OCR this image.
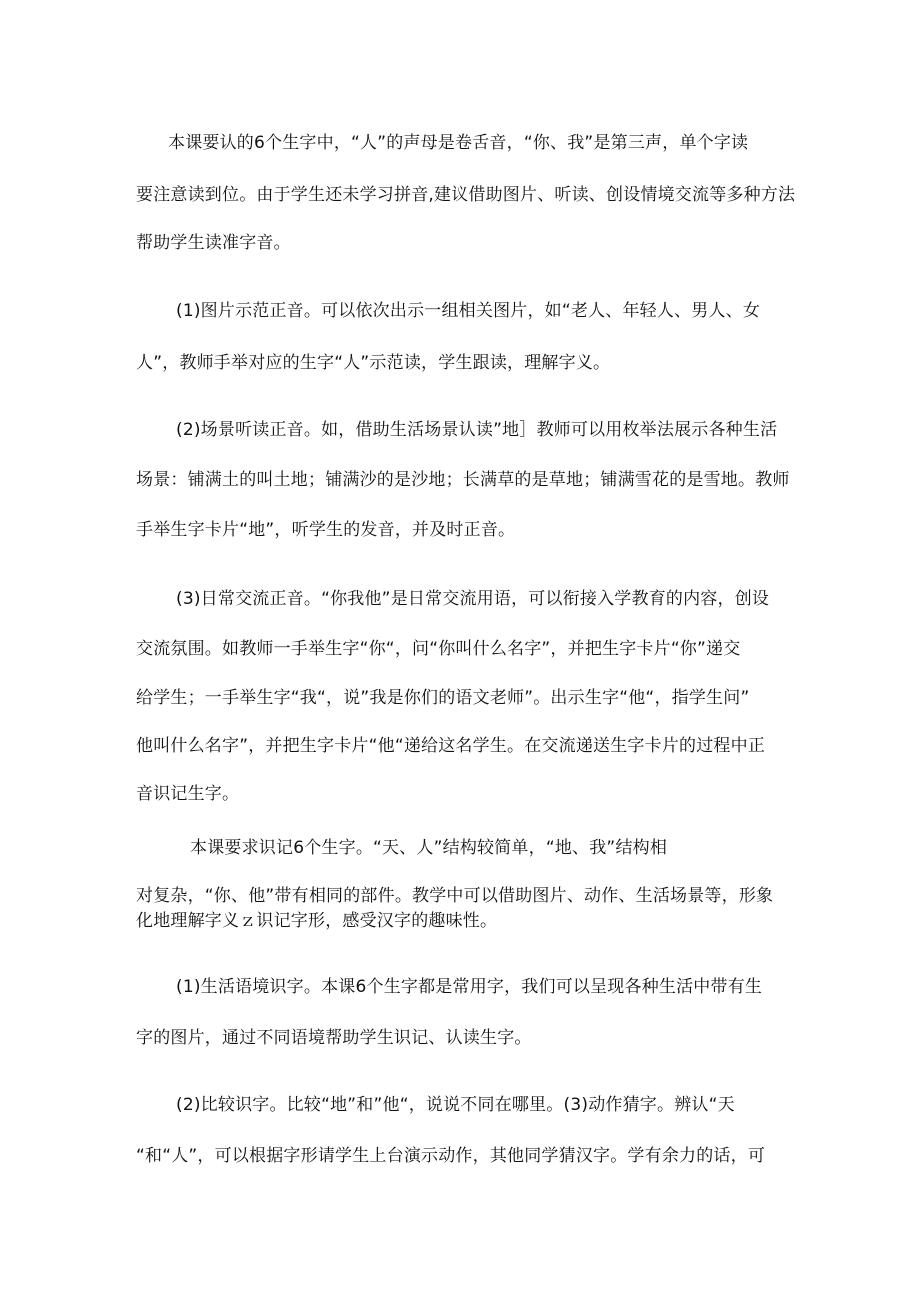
本课要认的6个生字中，“人”的声母是卷舌音，“你、我”是第三声，单个字读
要注意读到位。由于学生还未学习拼音,建议借助图片、听读、创设情境交流等多种方法
帮助学生读准字音。
(1)图片示范正音。可以依次出示一组相关图片，如“老人、年轻人、男人、女
人”，教师手举对应的生字“人”示范读，学生跟读，理解字义。
(2)场景听读正音。如，借助生活场景认读”地］教师可以用枚举法展示各种生活
场景：铺满土的叫土地；铺满沙的是沙地；长满草的是草地；铺满雪花的是雪地。教师
手举生字卡片“地”，听学生的发音，并及时正音。
(3)日常交流正音。“你我他”是日常交流用语，可以衔接入学教育的内容，创设
交流氛围。如教师一手举生字“你“，问“你叫什么名字”，并把生字卡片“你”递交
给学生；一手举生字“我“，说”我是你们的语文老师”。出示生字“他“，指学生问”
他叫什么名字”，并把生字卡片“他“递给这名学生。在交流递送生字卡片的过程中正
音识记生字。
本课要求识记6个生字。“天、人”结构较简单，“地、我”结构相
对复杂，“你、他”带有相同的部件。教学中可以借助图片、动作、生活场景等，形象
化地理解字义ｚ识记字形，感受汉字的趣味性。
(1)生活语境识字。本课6个生字都是常用字，我们可以呈现各种生活中带有生
字的图片，通过不同语境帮助学生识记、认读生字。
(2)比较识字。比较“地”和”他“，说说不同在哪里。(3)动作猜字。辨认“天
“和“人”，可以根据字形请学生上台演示动作，其他同学猜汉字。学有余力的话，可
